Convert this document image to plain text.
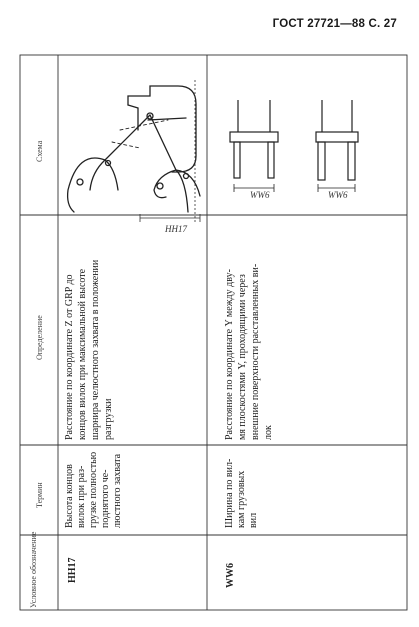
ГОСТ 27721—88 С. 27
Условное обозначение
Термин
Определение
Схема
HH17
Высота концов вилок при раз- грузке полностью поднятого че- люстного захвата
Расстояние по координате Z от GRP до концов вилок при максимальной высоте шарнира челюстного захвата в положении разгрузки
HH17
WW6
Ширина по вил- кам грузовых вил
Расстояние по координате Y между дву- мя плоскостями Y, проходящими через внешние поверхности расставленных ви- лок
WW6	WW6
